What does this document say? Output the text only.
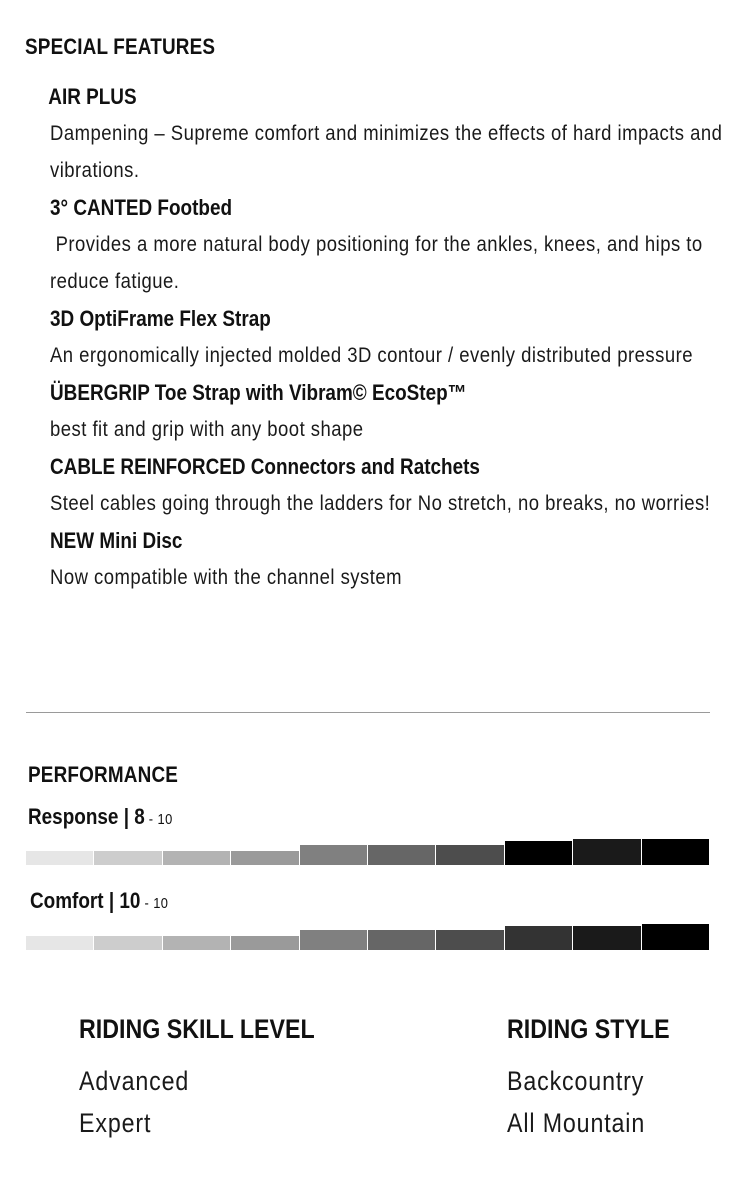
SPECIAL FEATURES

AIR PLUS

Dampening – Supreme comfort and minimizes the effects of hard impacts and vibrations.

3° CANTED Footbed

Provides a more natural body positioning for the ankles, knees, and hips to reduce fatigue.

3D OptiFrame Flex Strap

An ergonomically injected molded 3D contour / evenly distributed pressure

ÜBERGRIP Toe Strap with Vibram© EcoStep™

best fit and grip with any boot shape

CABLE REINFORCED Connectors and Ratchets

Steel cables going through the ladders for No stretch, no breaks, no worries!

NEW Mini Disc

Now compatible with the channel system

PERFORMANCE
Response | 8 - 10
Comfort | 10 - 10
RIDING SKILL LEVEL

Advanced

Expert

RIDING STYLE

Backcountry

All Mountain
